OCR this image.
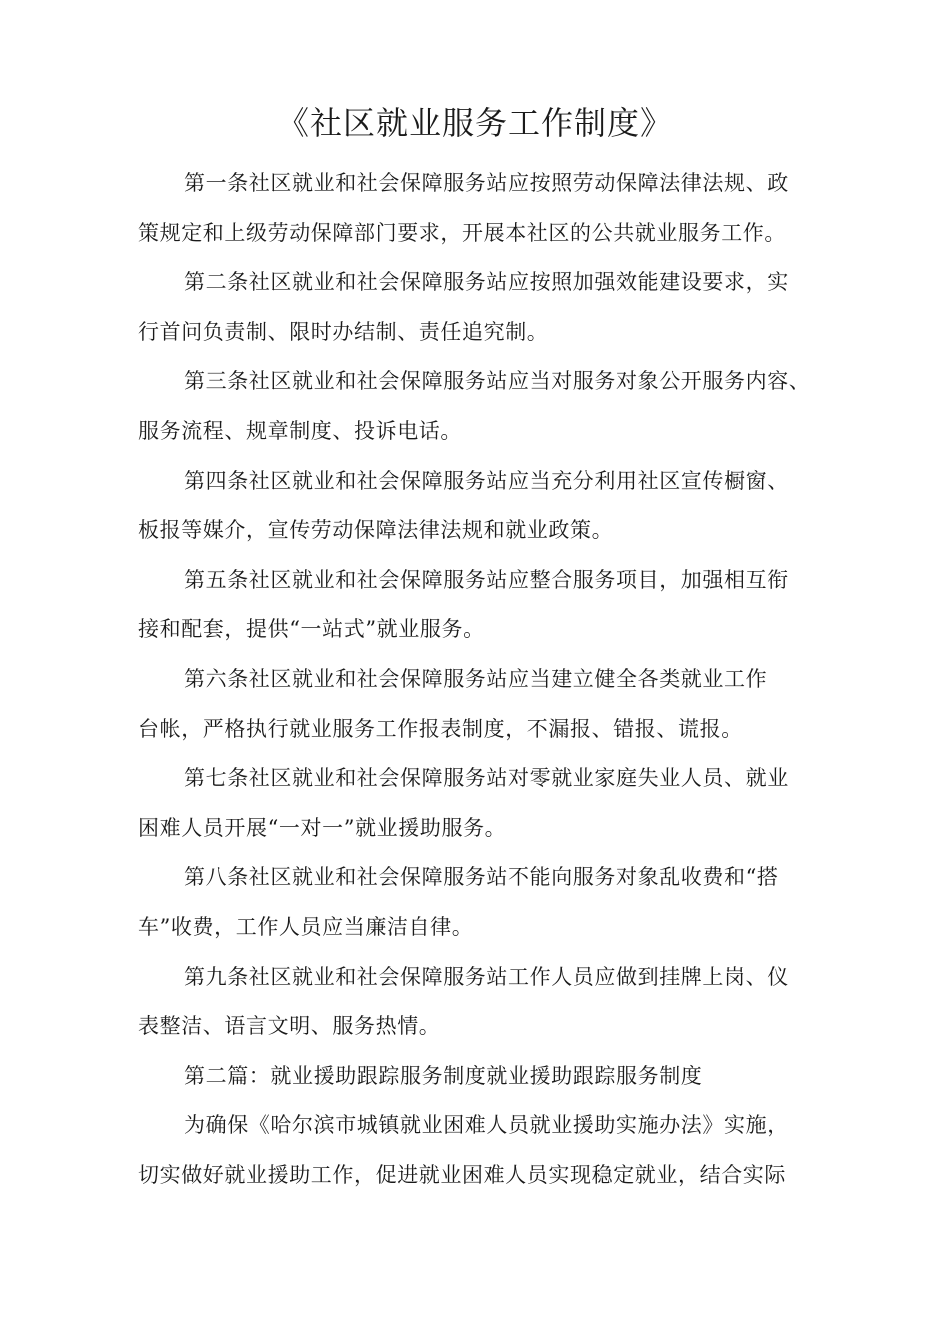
《社区就业服务工作制度》

第一条社区就业和社会保障服务站应按照劳动保障法律法规、政
策规定和上级劳动保障部门要求，开展本社区的公共就业服务工作。

第二条社区就业和社会保障服务站应按照加强效能建设要求，实
行首问负责制、限时办结制、责任追究制。

第三条社区就业和社会保障服务站应当对服务对象公开服务内容、
服务流程、规章制度、投诉电话。

第四条社区就业和社会保障服务站应当充分利用社区宣传橱窗、
板报等媒介，宣传劳动保障法律法规和就业政策。

第五条社区就业和社会保障服务站应整合服务项目，加强相互衔
接和配套，提供“一站式”就业服务。

第六条社区就业和社会保障服务站应当建立健全各类就业工作
台帐，严格执行就业服务工作报表制度，不漏报、错报、谎报。

第七条社区就业和社会保障服务站对零就业家庭失业人员、就业
困难人员开展“一对一”就业援助服务。

第八条社区就业和社会保障服务站不能向服务对象乱收费和“搭
车”收费，工作人员应当廉洁自律。

第九条社区就业和社会保障服务站工作人员应做到挂牌上岗、仪
表整洁、语言文明、服务热情。

第二篇：就业援助跟踪服务制度就业援助跟踪服务制度

为确保《哈尔滨市城镇就业困难人员就业援助实施办法》实施，
切实做好就业援助工作，促进就业困难人员实现稳定就业，结合实际
